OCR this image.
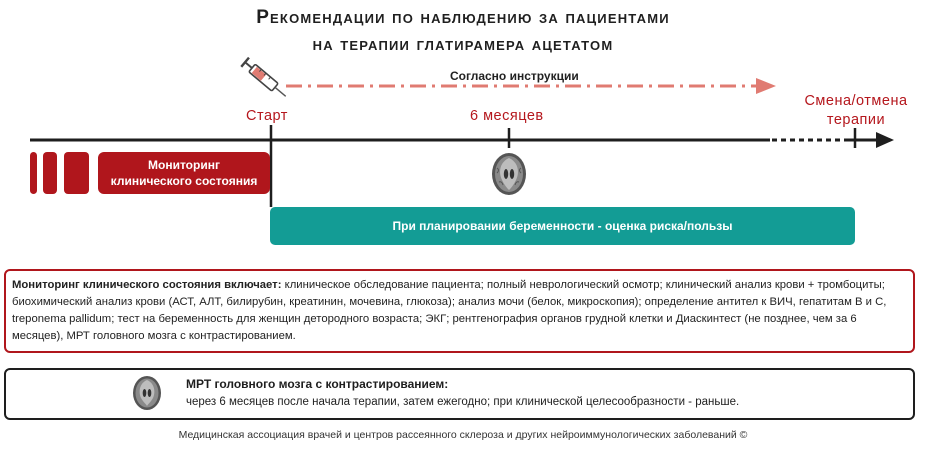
Рекомендации по наблюдению за пациентами
на терапии глатирамера ацетатом
Согласно инструкции
Старт	6 месяцев
Смена/отмена
терапии
Мониторинг
клинического состояния
При планировании беременности - оценка риска/пользы
Мониторинг клинического состояния включает: клиническое обследование пациента; полный неврологический осмотр; клинический анализ крови + тромбоциты; биохимический анализ крови (АСТ, АЛТ, билирубин, креатинин, мочевина, глюкоза); анализ мочи (белок, микроскопия); определение антител к ВИЧ, гепатитам В и С, treponema pallidum; тест на беременность для женщин детородного возраста; ЭКГ; рентгенография органов грудной клетки и Диаскинтест (не позднее, чем за 6 месяцев), МРТ головного мозга с контрастированием.
МРТ головного мозга с контрастированием:
через 6 месяцев после начала терапии, затем ежегодно; при клинической целесообразности - раньше.
Медицинская ассоциация врачей и центров рассеянного склероза и других нейроиммунологических заболеваний ©
